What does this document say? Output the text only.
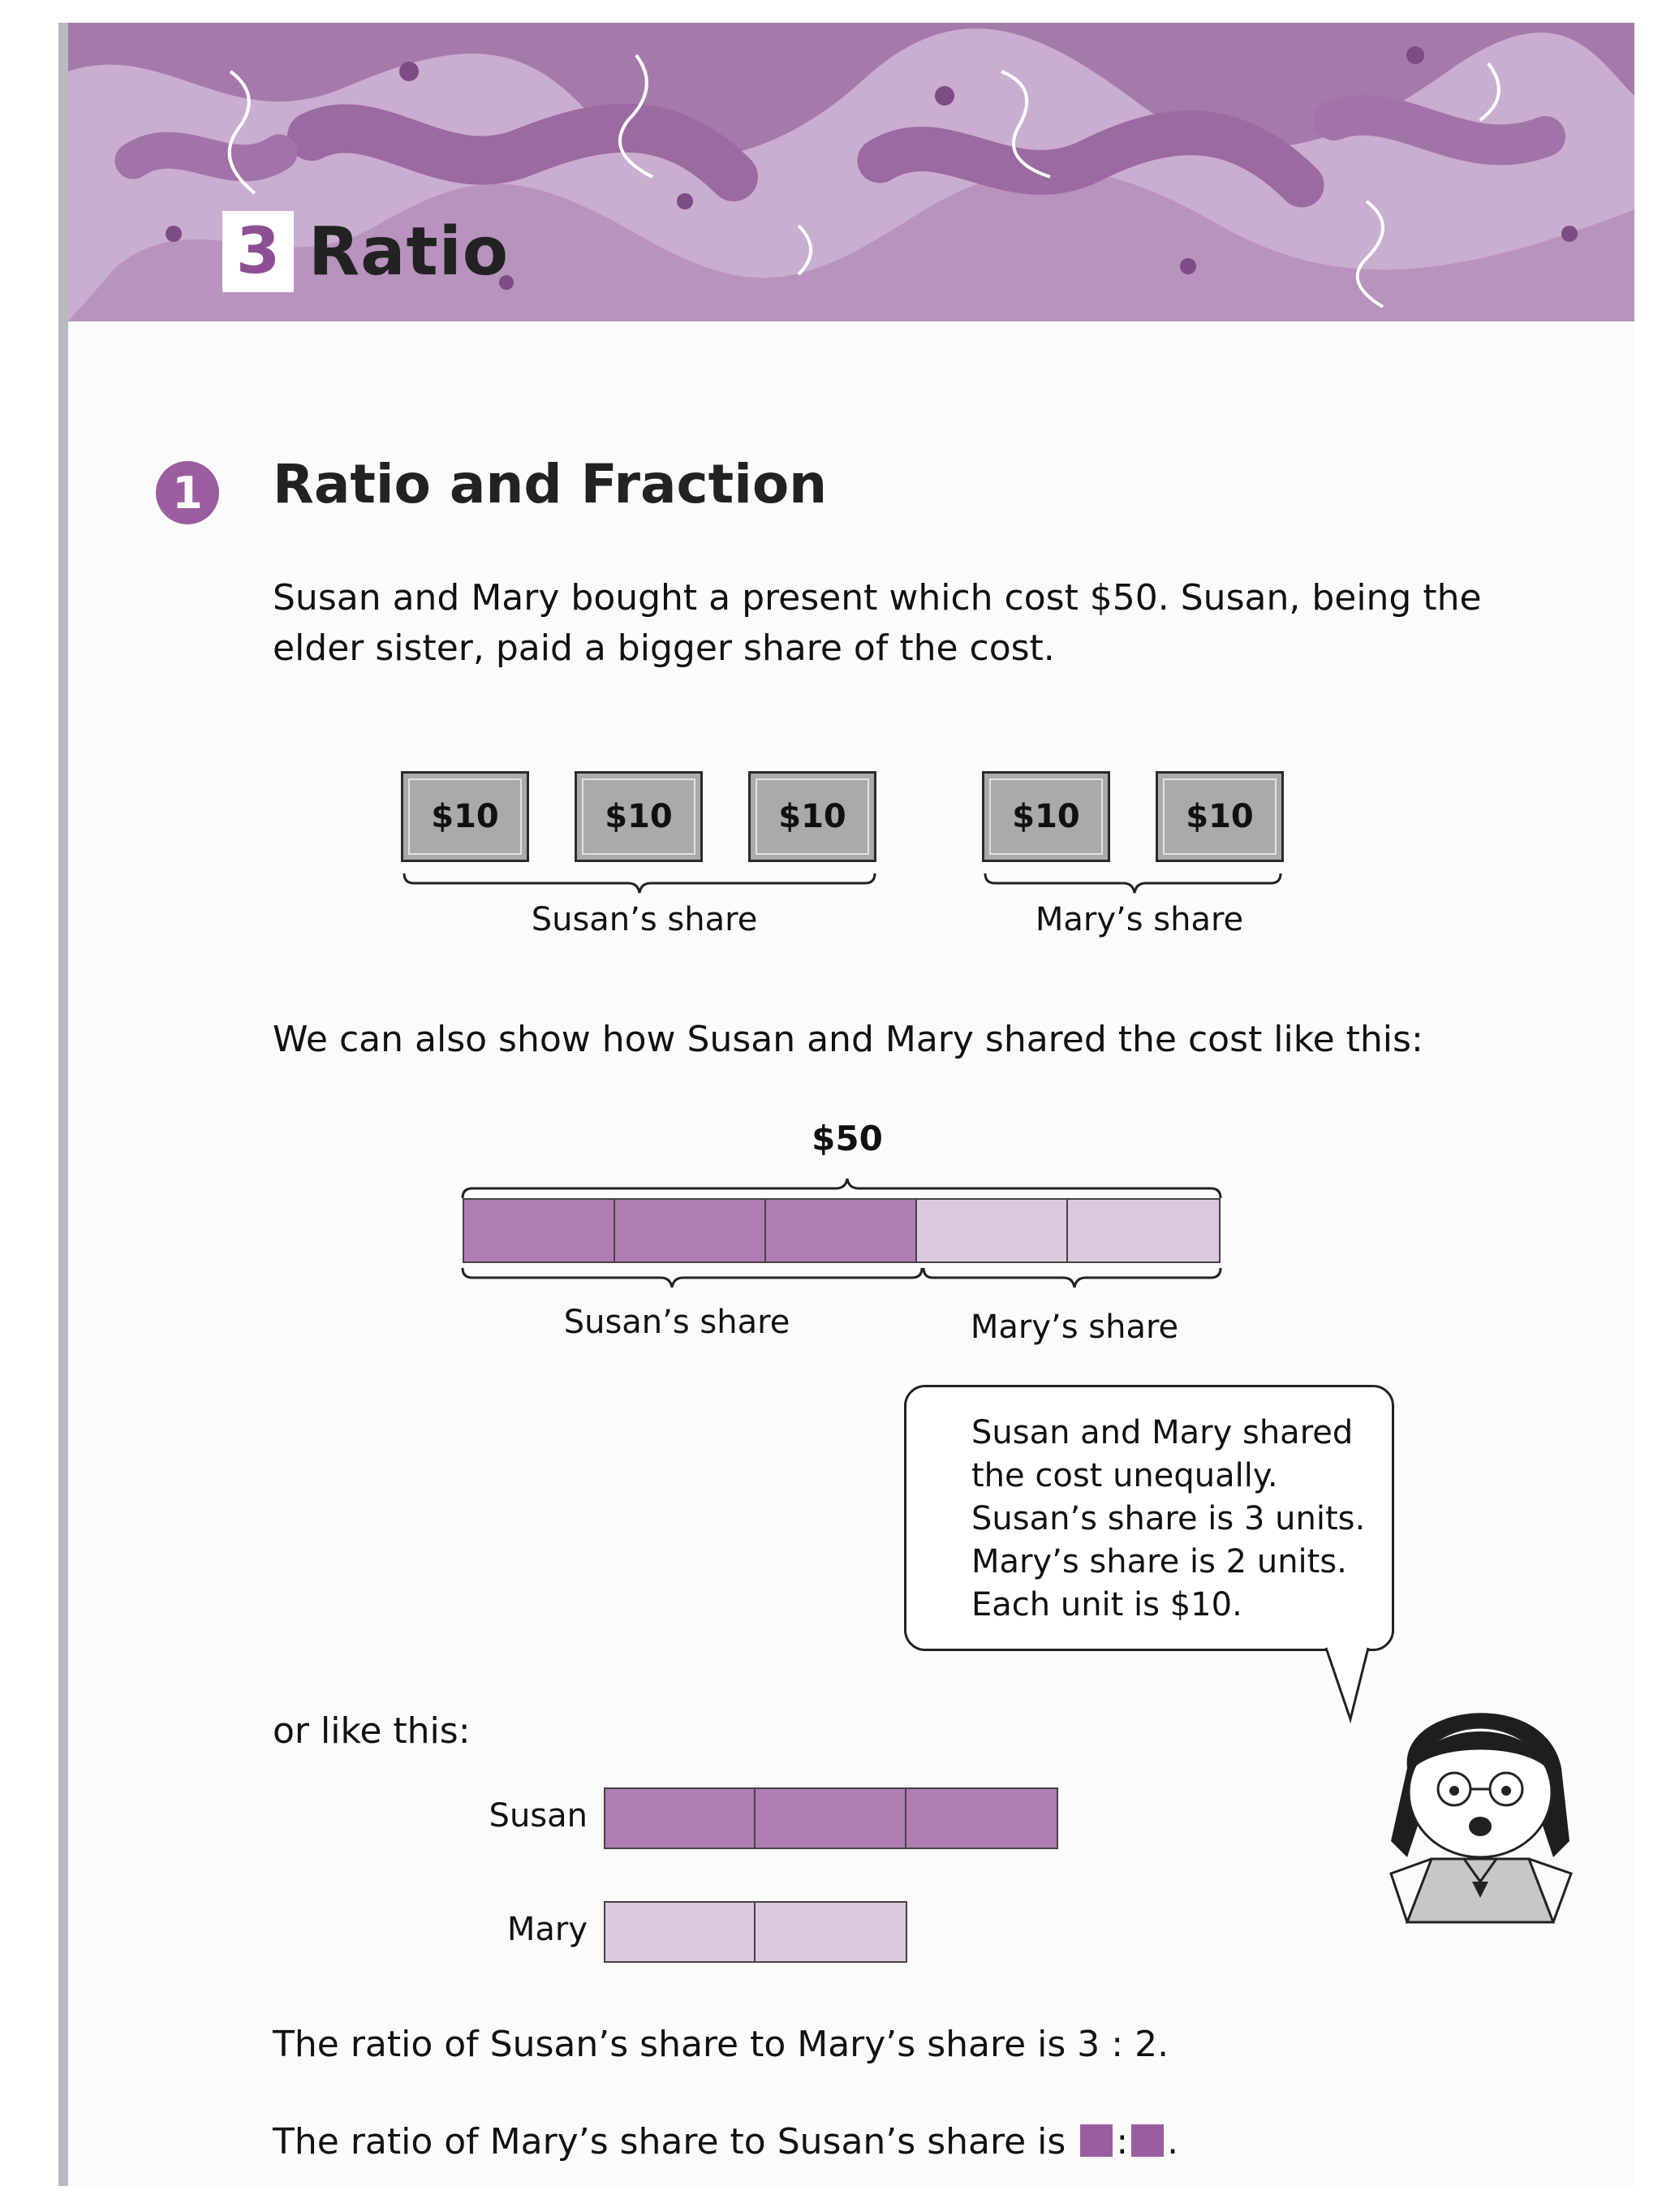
3 Ratio
1	Ratio and Fraction
Susan and Mary bought a present which cost $50. Susan, being the
elder sister, paid a bigger share of the cost.
$10	$10	$10	$10	$10
Susan’s share	Mary’s share
We can also show how Susan and Mary shared the cost like this:
$50
Susan’s share	Mary’s share
Susan and Mary shared
the cost unequally.
Susan’s share is 3 units.
Mary’s share is 2 units.
Each unit is $10.
or like this:
Susan
Mary
The ratio of Susan’s share to Mary’s share is 3 : 2.
The ratio of Mary’s share to Susan’s share is : .
